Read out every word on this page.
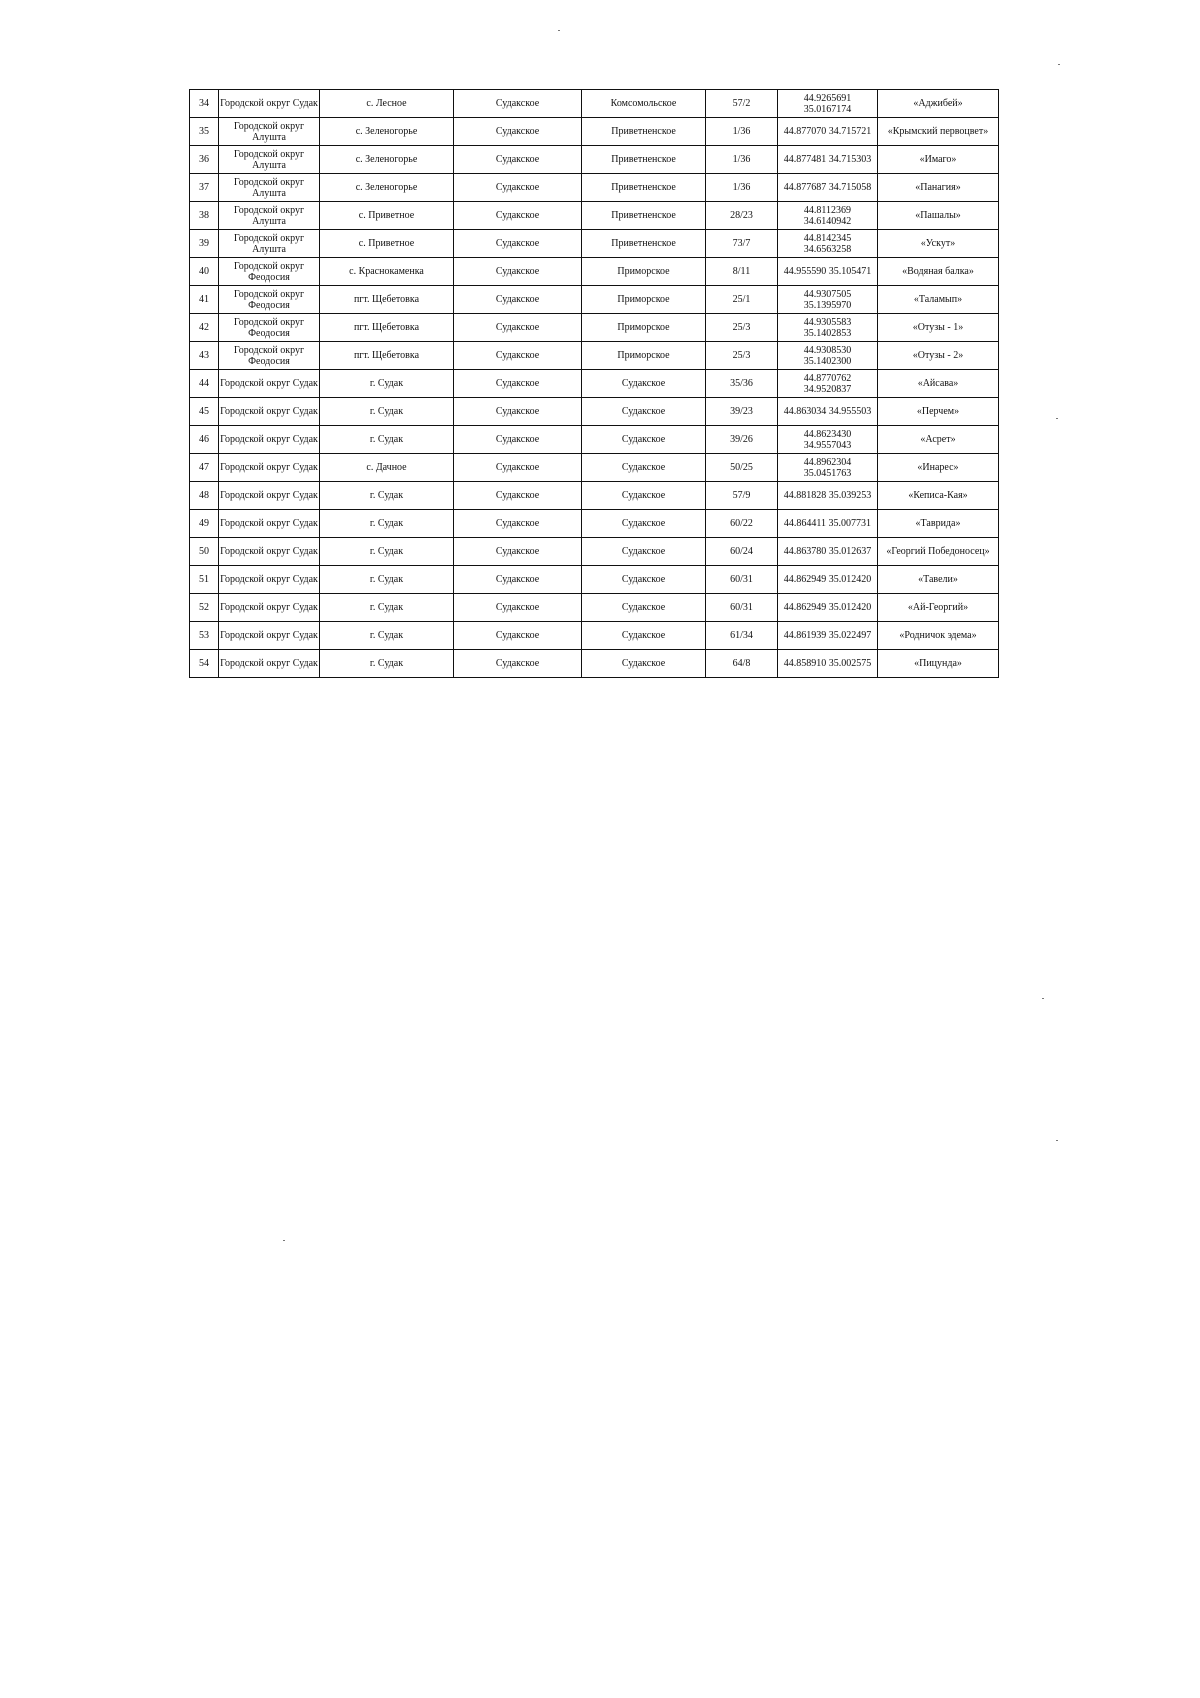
34	Городской округ Судак	с. Лесное	Судакское	Комсомольское	57/2	44.9265691 35.0167174	«Аджибей»
35	Городской округ Алушта	с. Зеленогорье	Судакское	Приветненское	1/36	44.877070 34.715721	«Крымский первоцвет»
36	Городской округ Алушта	с. Зеленогорье	Судакское	Приветненское	1/36	44.877481 34.715303	«Имаго»
37	Городской округ Алушта	с. Зеленогорье	Судакское	Приветненское	1/36	44.877687 34.715058	«Панагия»
38	Городской округ Алушта	с. Приветное	Судакское	Приветненское	28/23	44.8112369 34.6140942	«Пашалы»
39	Городской округ Алушта	с. Приветное	Судакское	Приветненское	73/7	44.8142345 34.6563258	«Ускут»
40	Городской округ Феодосия	с. Краснокаменка	Судакское	Приморское	8/11	44.955590 35.105471	«Водяная балка»
41	Городской округ Феодосия	пгт. Щебетовка	Судакское	Приморское	25/1	44.9307505 35.1395970	«Таламып»
42	Городской округ Феодосия	пгт. Щебетовка	Судакское	Приморское	25/3	44.9305583 35.1402853	«Отузы - 1»
43	Городской округ Феодосия	пгт. Щебетовка	Судакское	Приморское	25/3	44.9308530 35.1402300	«Отузы - 2»
44	Городской округ Судак	г. Судак	Судакское	Судакское	35/36	44.8770762 34.9520837	«Айсава»
45	Городской округ Судак	г. Судак	Судакское	Судакское	39/23	44.863034 34.955503	«Перчем»
46	Городской округ Судак	г. Судак	Судакское	Судакское	39/26	44.8623430 34.9557043	«Асрет»
47	Городской округ Судак	с. Дачное	Судакское	Судакское	50/25	44.8962304 35.0451763	«Инарес»
48	Городской округ Судак	г. Судак	Судакское	Судакское	57/9	44.881828 35.039253	«Кеписа-Кая»
49	Городской округ Судак	г. Судак	Судакское	Судакское	60/22	44.864411 35.007731	«Таврида»
50	Городской округ Судак	г. Судак	Судакское	Судакское	60/24	44.863780 35.012637	«Георгий Победоносец»
51	Городской округ Судак	г. Судак	Судакское	Судакское	60/31	44.862949 35.012420	«Тавели»
52	Городской округ Судак	г. Судак	Судакское	Судакское	60/31	44.862949 35.012420	«Ай-Георгий»
53	Городской округ Судак	г. Судак	Судакское	Судакское	61/34	44.861939 35.022497	«Родничок эдема»
54	Городской округ Судак	г. Судак	Судакское	Судакское	64/8	44.858910 35.002575	«Пицунда»
